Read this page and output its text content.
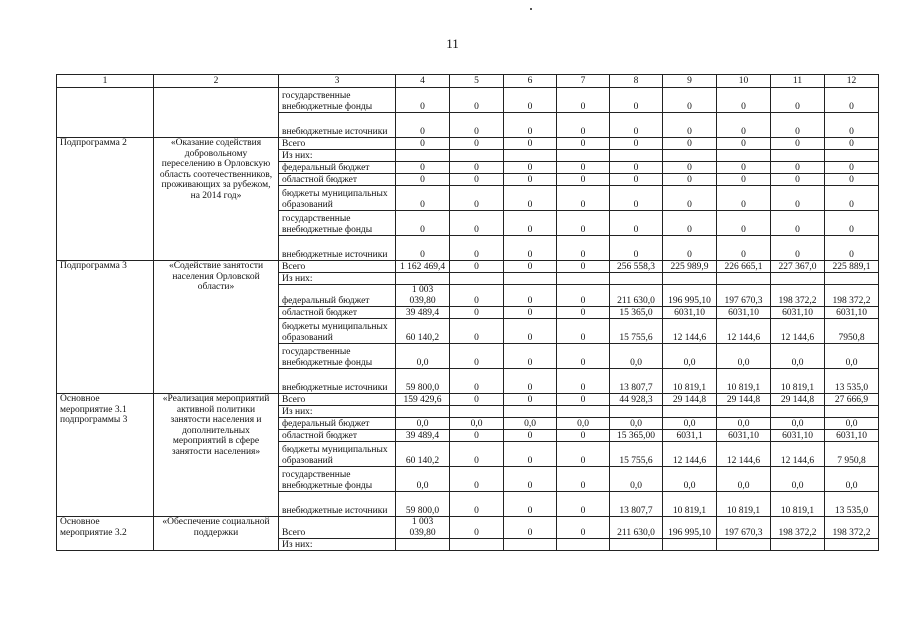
11
1	2	3	4	5	6	7	8	9	10	11	12
		государственные внебюджетные фонды	0	0	0	0	0	0	0	0	0
		внебюджетные источники	0	0	0	0	0	0	0	0	0
Подпрограмма 2	«Оказание содействия добровольному переселению в Орловскую область соотечественников, проживающих за рубежом, на 2014 год»	Всего	0	0	0	0	0	0	0	0	0
		Из них:									
		федеральный бюджет	0	0	0	0	0	0	0	0	0
		областной бюджет	0	0	0	0	0	0	0	0	0
		бюджеты муниципальных образований	0	0	0	0	0	0	0	0	0
		государственные внебюджетные фонды	0	0	0	0	0	0	0	0	0
		внебюджетные источники	0	0	0	0	0	0	0	0	0
Подпрограмма 3	«Содействие занятости населения Орловской области»	Всего	1 162 469,4	0	0	0	256 558,3	225 989,9	226 665,1	227 367,0	225 889,1
		Из них:									
		федеральный бюджет	1 003 039,80	0	0	0	211 630,0	196 995,10	197 670,3	198 372,2	198 372,2
		областной бюджет	39 489,4	0	0	0	15 365,0	6031,10	6031,10	6031,10	6031,10
		бюджеты муниципальных образований	60 140,2	0	0	0	15 755,6	12 144,6	12 144,6	12 144,6	7950,8
		государственные внебюджетные фонды	0,0	0	0	0	0,0	0,0	0,0	0,0	0,0
		внебюджетные источники	59 800,0	0	0	0	13 807,7	10 819,1	10 819,1	10 819,1	13 535,0
Основное мероприятие 3.1 подпрограммы 3	«Реализация мероприятий активной политики занятости населения и дополнительных мероприятий в сфере занятости населения»	Всего	159 429,6	0	0	0	44 928,3	29 144,8	29 144,8	29 144,8	27 666,9
		Из них:									
		федеральный бюджет	0,0	0,0	0,0	0,0	0,0	0,0	0,0	0,0	0,0
		областной бюджет	39 489,4	0	0	0	15 365,00	6031,1	6031,10	6031,10	6031,10
		бюджеты муниципальных образований	60 140,2	0	0	0	15 755,6	12 144,6	12 144,6	12 144,6	7 950,8
		государственные внебюджетные фонды	0,0	0	0	0	0,0	0,0	0,0	0,0	0,0
		внебюджетные источники	59 800,0	0	0	0	13 807,7	10 819,1	10 819,1	10 819,1	13 535,0
Основное мероприятие 3.2	«Обеспечение социальной поддержки	Всего	1 003 039,80	0	0	0	211 630,0	196 995,10	197 670,3	198 372,2	198 372,2
		Из них:									
